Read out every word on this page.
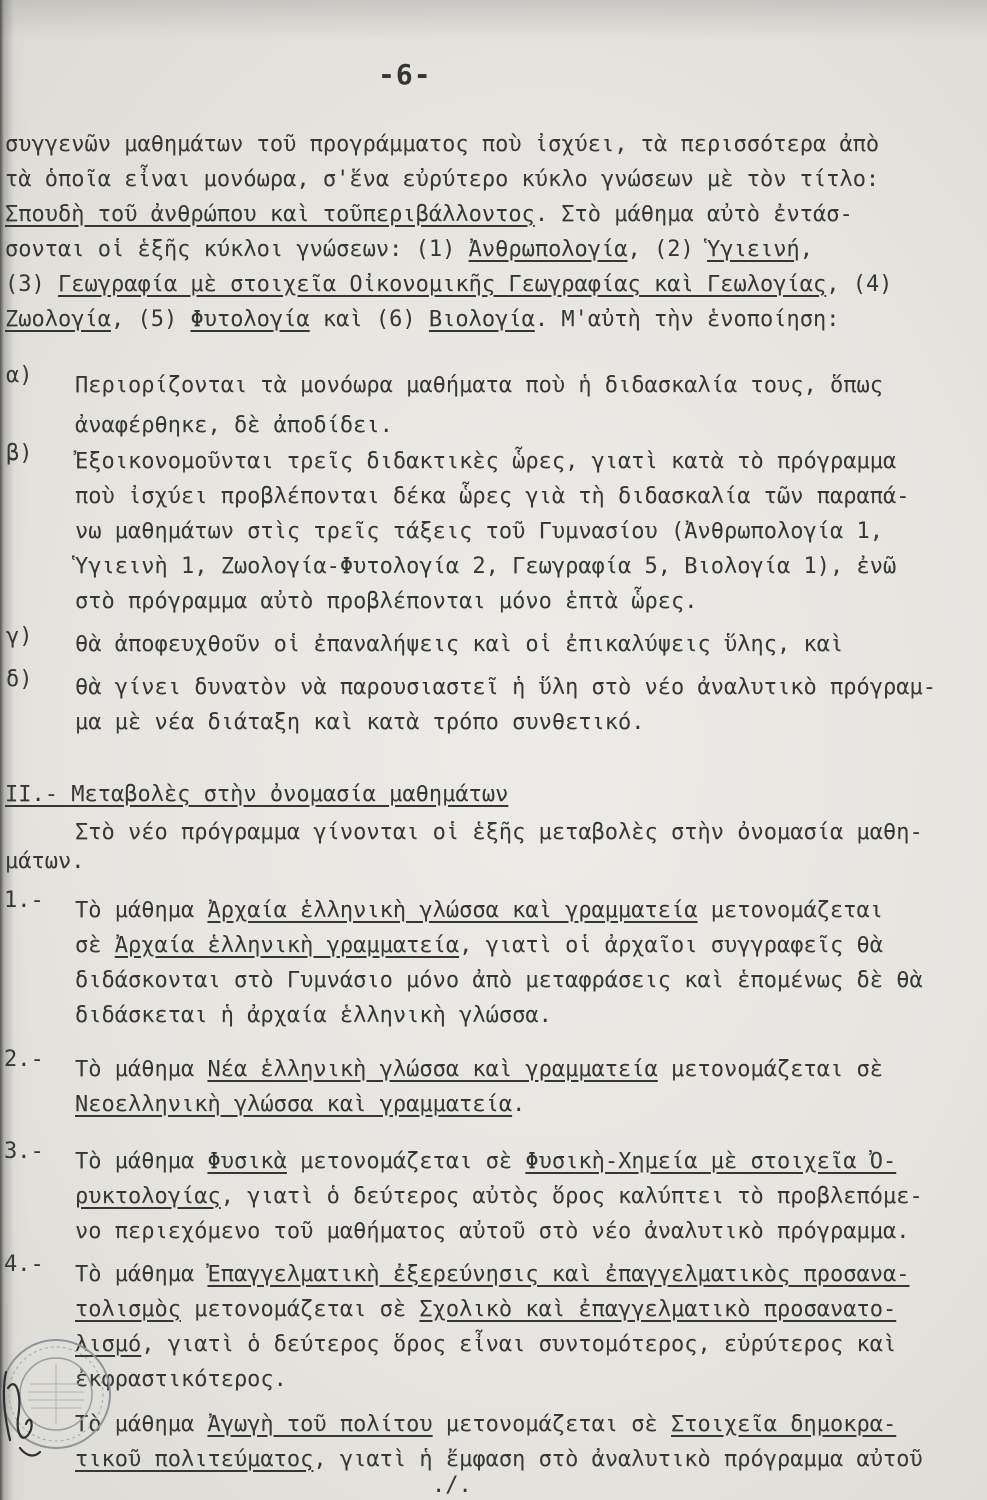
-6-
συγγενῶν μαθημάτων τοῦ προγράμματος ποὺ ἰσχύει, τὰ περισσότερα ἀπὸ
τὰ ὁποῖα εἶναι μονόωρα, σ'ἕνα εὐρύτερο κύκλο γνώσεων μὲ τὸν τίτλο:
Σπουδὴ τοῦ ἀνθρώπου καὶ τοῦπεριβάλλοντος. Στὸ μάθημα αὐτὸ ἐντάσ-
σονται οἱ ἑξῆς κύκλοι γνώσεων: (1) Ἀνθρωπολογία, (2) Ὑγιεινή,
(3) Γεωγραφία μὲ στοιχεῖα Οἰκονομικῆς Γεωγραφίας καὶ Γεωλογίας, (4)
Ζωολογία, (5) Φυτολογία καὶ (6) Βιολογία. Μ'αὐτὴ τὴν ἑνοποίηση:

α)

Περιορίζονται τὰ μονόωρα μαθήματα ποὺ ἡ διδασκαλία τους, ὅπως
ἀναφέρθηκε, δὲ ἀποδίδει.

β)

Ἐξοικονομοῦνται τρεῖς διδακτικὲς ὧρες, γιατὶ κατὰ τὸ πρόγραμμα
ποὺ ἰσχύει προβλέπονται δέκα ὧρες γιὰ τὴ διδασκαλία τῶν παραπά-
νω μαθημάτων στὶς τρεῖς τάξεις τοῦ Γυμνασίου (Ἀνθρωπολογία 1,
Ὑγιεινὴ 1, Ζωολογία-Φυτολογία 2, Γεωγραφία 5, Βιολογία 1), ἐνῶ
στὸ πρόγραμμα αὐτὸ προβλέπονται μόνο ἑπτὰ ὧρες.

γ)

θὰ ἀποφευχθοῦν οἱ ἐπαναλήψεις καὶ οἱ ἐπικαλύψεις ὕλης, καὶ

δ)

θὰ γίνει δυνατὸν νὰ παρουσιαστεῖ ἡ ὕλη στὸ νέο ἀναλυτικὸ πρόγραμ-
μα μὲ νέα διάταξη καὶ κατὰ τρόπο συνθετικό.

ΙΙ.- Μεταβολὲς στὴν ὀνομασία μαθημάτων
Στὸ νέο πρόγραμμα γίνονται οἱ ἑξῆς μεταβολὲς στὴν ὀνομασία μαθη-
μάτων.

1.-

Τὸ μάθημα Ἀρχαία ἑλληνικὴ γλώσσα καὶ γραμματεία μετονομάζεται
σὲ Ἀρχαία ἑλληνικὴ γραμματεία, γιατὶ οἱ ἀρχαῖοι συγγραφεῖς θὰ
διδάσκονται στὸ Γυμνάσιο μόνο ἀπὸ μεταφράσεις καὶ ἑπομένως δὲ θὰ
διδάσκεται ἡ ἀρχαία ἑλληνικὴ γλώσσα.

2.-

Τὸ μάθημα Νέα ἑλληνικὴ γλώσσα καὶ γραμματεία μετονομάζεται σὲ
Νεοελληνικὴ γλώσσα καὶ γραμματεία.

3.-

Τὸ μάθημα Φυσικὰ μετονομάζεται σὲ Φυσικὴ-Χημεία μὲ στοιχεῖα Ὀ-
ρυκτολογίας, γιατὶ ὁ δεύτερος αὐτὸς ὅρος καλύπτει τὸ προβλεπόμε-
νο περιεχόμενο τοῦ μαθήματος αὐτοῦ στὸ νέο ἀναλυτικὸ πρόγραμμα.

4.-

Τὸ μάθημα Ἐπαγγελματικὴ ἐξερεύνησις καὶ ἐπαγγελματικὸς προσανα-
τολισμὸς μετονομάζεται σὲ Σχολικὸ καὶ ἐπαγγελματικὸ προσανατο-
λισμό, γιατὶ ὁ δεύτερος ὅρος εἶναι συντομότερος, εὐρύτερος καὶ
ἐκφραστικότερος.

Τὸ μάθημα Ἀγωγὴ τοῦ πολίτου μετονομάζεται σὲ Στοιχεῖα δημοκρα-
τικοῦ πολιτεύματος, γιατὶ ἡ ἔμφαση στὸ ἀναλυτικὸ πρόγραμμα αὐτοῦ

./.
